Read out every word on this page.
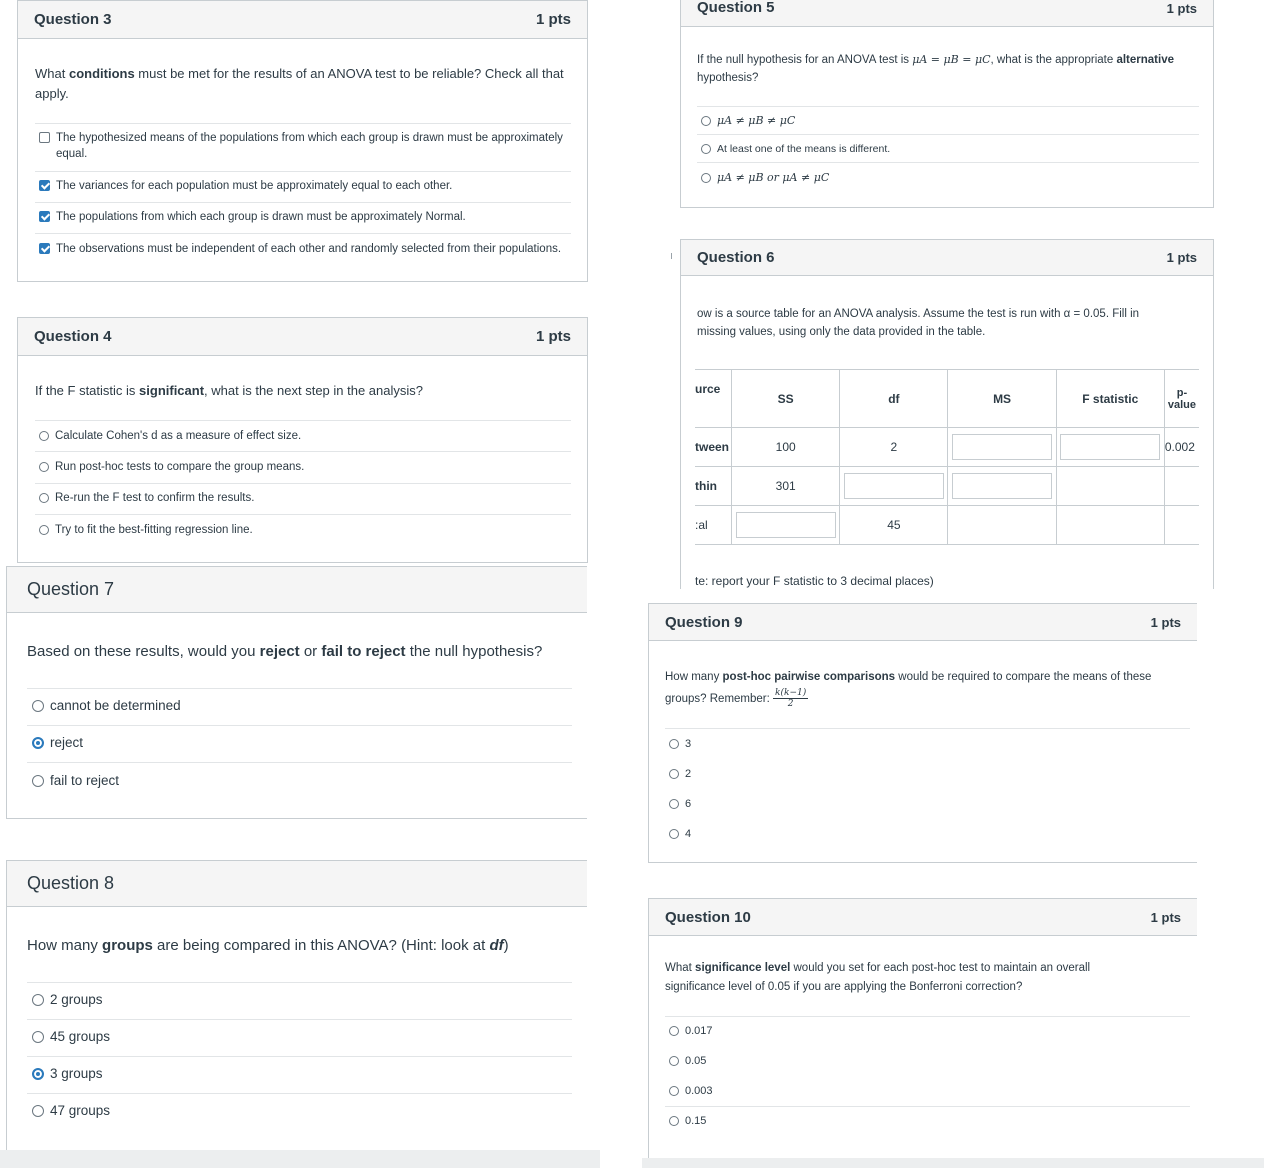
Question 3	1 pts
What conditions must be met for the results of an ANOVA test to be reliable? Check all that apply.
The hypothesized means of the populations from which each group is drawn must be approximately equal.
The variances for each population must be approximately equal to each other.
The populations from which each group is drawn must be approximately Normal.
The observations must be independent of each other and randomly selected from their populations.
Question 4	1 pts
If the F statistic is significant, what is the next step in the analysis?
Calculate Cohen's d as a measure of effect size.
Run post-hoc tests to compare the group means.
Re-run the F test to confirm the results.
Try to fit the best-fitting regression line.
Question 5	1 pts
If the null hypothesis for an ANOVA test is μA = μB = μC, what is the appropriate alternative hypothesis?
μA ≠ μB ≠ μC
At least one of the means is different.
μA ≠ μB or μA ≠ μC
Question 6	1 pts
ow is a source table for an ANOVA analysis. Assume the test is run with α = 0.05. Fill in
missing values, using only the data provided in the table.
urce	SS	df	MS	F statistic	p-value
tween	100	2			0.002
thin	301	

:al		45			
te: report your F statistic to 3 decimal places)
Question 7
Based on these results, would you reject or fail to reject the null hypothesis?
cannot be determined
reject
fail to reject
Question 8
How many groups are being compared in this ANOVA? (Hint: look at df)
2 groups
45 groups
3 groups
47 groups
Question 9	1 pts
How many post-hoc pairwise comparisons would be required to compare the means of these groups? Remember: $\frac{k(k-1)}{2}$
3
2
6
4
Question 10	1 pts
What significance level would you set for each post-hoc test to maintain an overall significance level of 0.05 if you are applying the Bonferroni correction?
0.017
0.05
0.003
0.15
